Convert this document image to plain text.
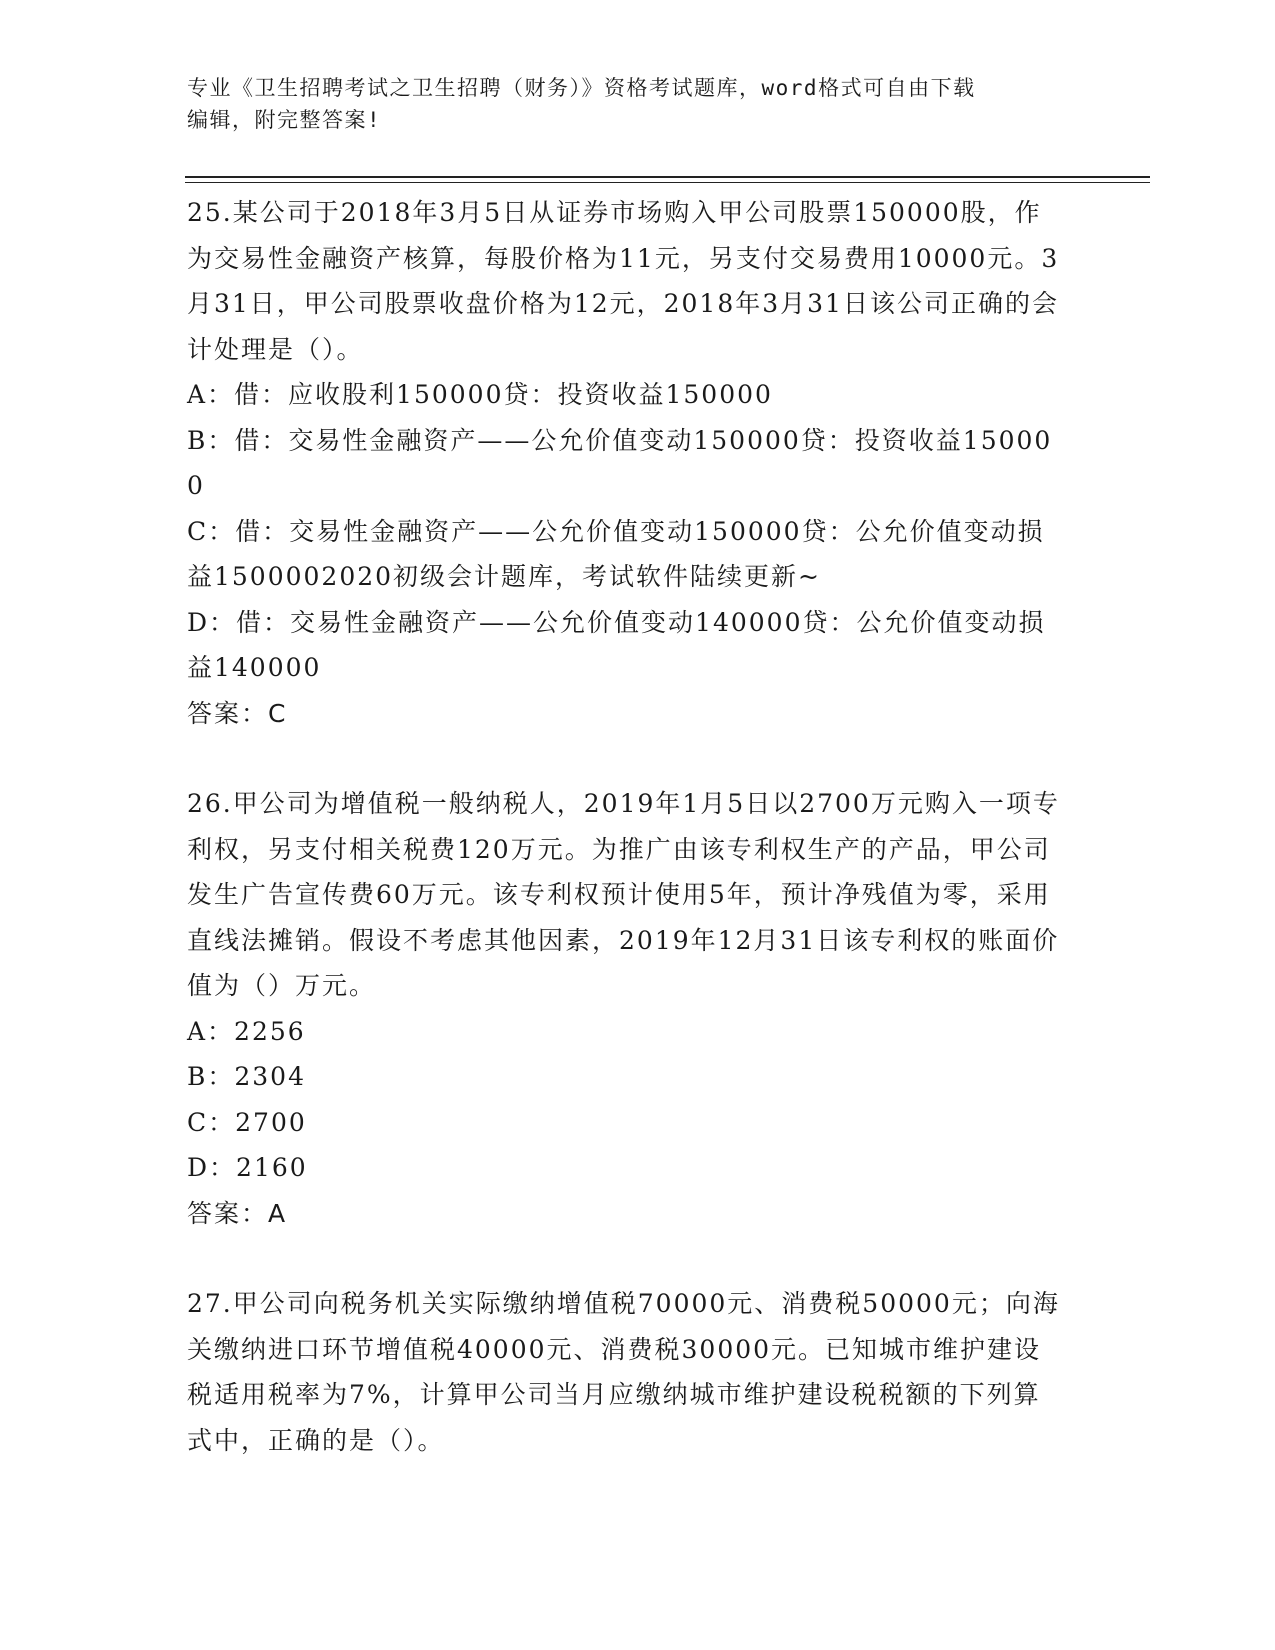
专业《卫生招聘考试之卫生招聘（财务）》资格考试题库，word格式可自由下载
编辑，附完整答案!

25.某公司于2018年3月5日从证券市场购入甲公司股票150000股，作为交易性金融资产核算，每股价格为11元，另支付交易费用10000元。3月31日，甲公司股票收盘价格为12元，2018年3月31日该公司正确的会计处理是（）。

A：借：应收股利150000贷：投资收益150000

B：借：交易性金融资产——公允价值变动150000贷：投资收益150000

C：借：交易性金融资产——公允价值变动150000贷：公允价值变动损益1500002020初级会计题库，考试软件陆续更新~

D：借：交易性金融资产——公允价值变动140000贷：公允价值变动损益140000

答案：C

26.甲公司为增值税一般纳税人，2019年1月5日以2700万元购入一项专利权，另支付相关税费120万元。为推广由该专利权生产的产品，甲公司发生广告宣传费60万元。该专利权预计使用5年，预计净残值为零，采用直线法摊销。假设不考虑其他因素，2019年12月31日该专利权的账面价值为（）万元。

A：2256

B：2304

C：2700

D：2160

答案：A

27.甲公司向税务机关实际缴纳增值税70000元、消费税50000元；向海关缴纳进口环节增值税40000元、消费税30000元。已知城市维护建设税适用税率为7%，计算甲公司当月应缴纳城市维护建设税税额的下列算式中，正确的是（）。
